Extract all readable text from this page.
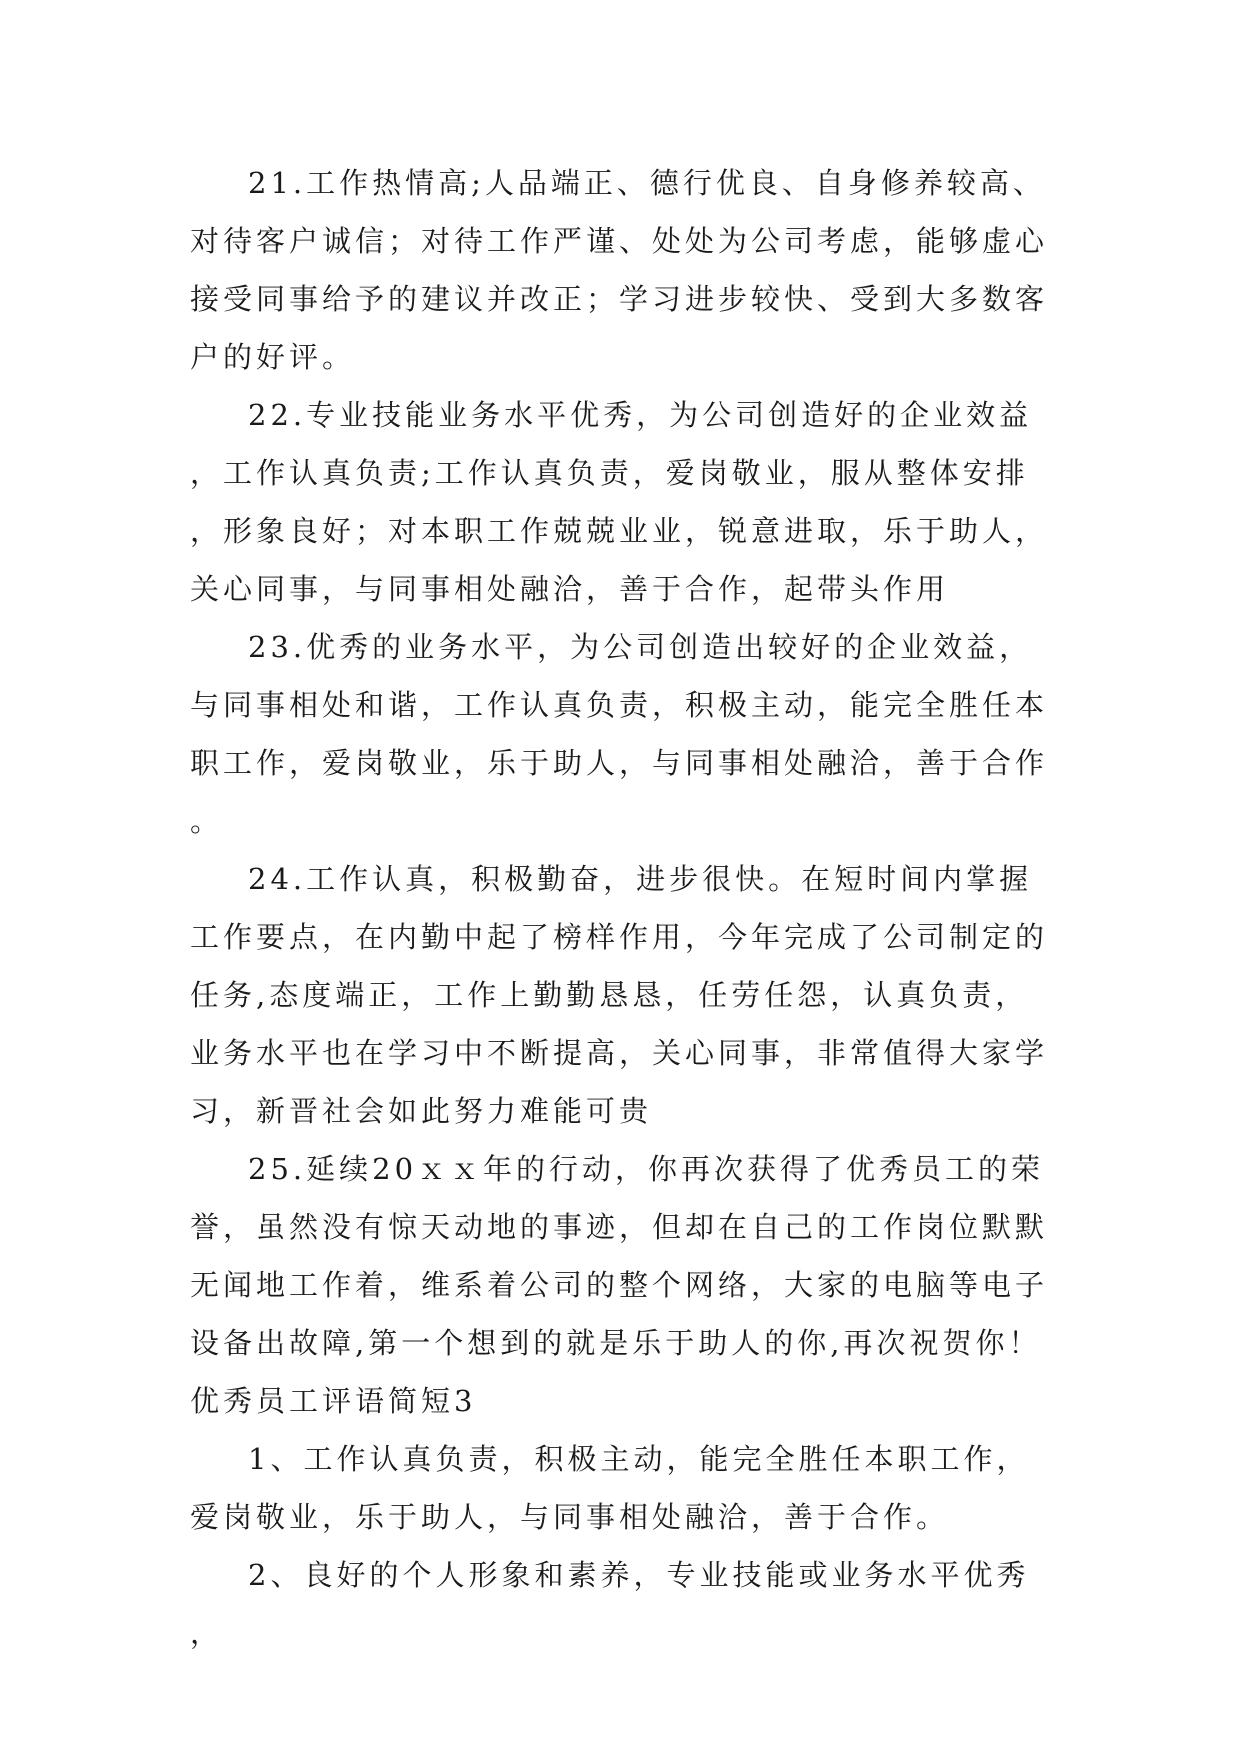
21.工作热情高;人品端正、德行优良、自身修养较高、对待客户诚信；对待工作严谨、处处为公司考虑，能够虚心接受同事给予的建议并改正；学习进步较快、受到大多数客户的好评。

22.专业技能业务水平优秀，为公司创造好的企业效益，工作认真负责;工作认真负责，爱岗敬业，服从整体安排，形象良好；对本职工作兢兢业业，锐意进取，乐于助人，关心同事，与同事相处融洽，善于合作，起带头作用

23.优秀的业务水平，为公司创造出较好的企业效益，与同事相处和谐，工作认真负责，积极主动，能完全胜任本职工作，爱岗敬业，乐于助人，与同事相处融洽，善于合作。

24.工作认真，积极勤奋，进步很快。在短时间内掌握工作要点，在内勤中起了榜样作用，今年完成了公司制定的任务,态度端正，工作上勤勤恳恳，任劳任怨，认真负责，业务水平也在学习中不断提高，关心同事，非常值得大家学习，新晋社会如此努力难能可贵

25.延续20ｘｘ年的行动，你再次获得了优秀员工的荣誉，虽然没有惊天动地的事迹，但却在自己的工作岗位默默无闻地工作着，维系着公司的整个网络，大家的电脑等电子设备出故障,第一个想到的就是乐于助人的你,再次祝贺你！

优秀员工评语简短3

1、工作认真负责，积极主动，能完全胜任本职工作，爱岗敬业，乐于助人，与同事相处融洽，善于合作。

2、良好的个人形象和素养，专业技能或业务水平优秀，
